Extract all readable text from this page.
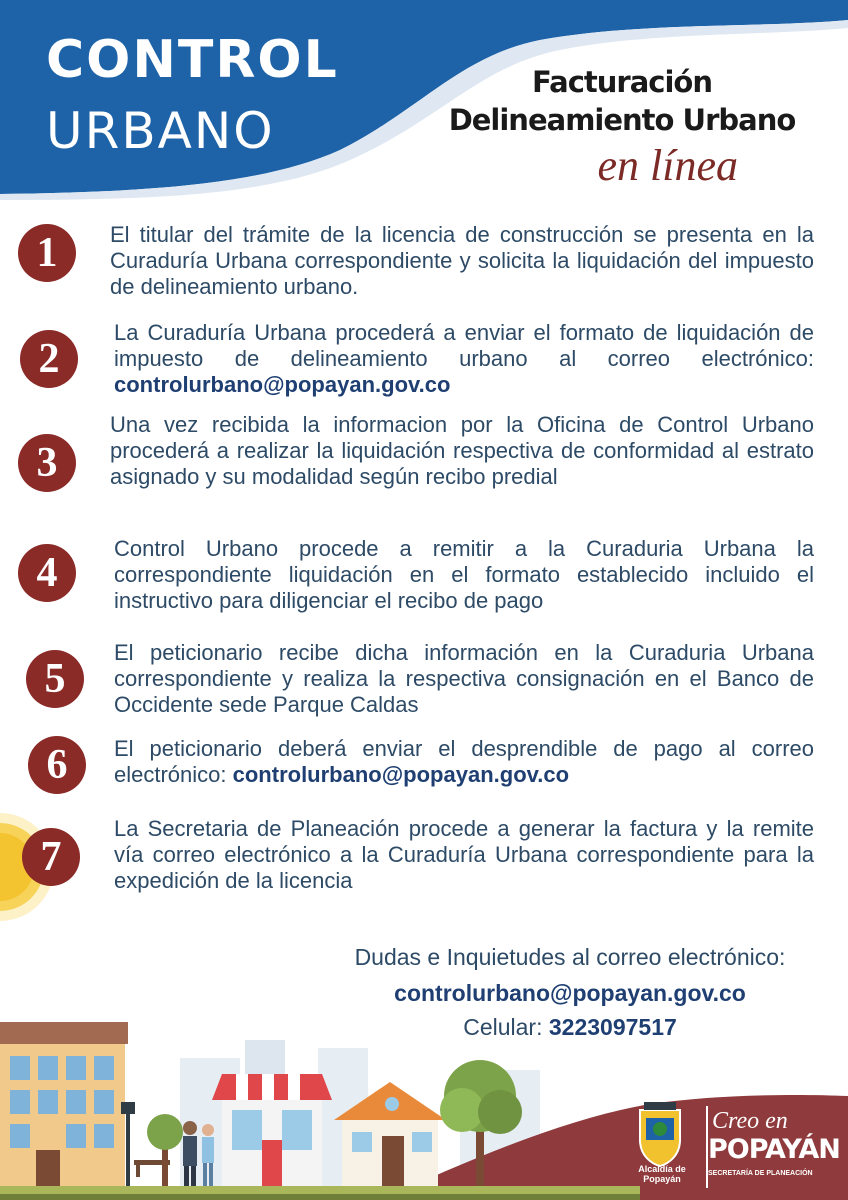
CONTROL
URBANO
Facturación
Delineamiento Urbano
en línea
1	El titular del trámite de la licencia de construcción se presenta en la Curaduría Urbana correspondiente y solicita la liquidación del impuesto de delineamiento urbano.
2
La Curaduría Urbana procederá a enviar el formato de liquidación de impuesto de delineamiento urbano al correo electrónico: controlurbano@popayan.gov.co
3
Una vez recibida la informacion por la Oficina de Control Urbano procederá a realizar la liquidación respectiva de conformidad al estrato asignado y su modalidad según recibo predial
4
Control Urbano procede a remitir a la Curaduria Urbana la correspondiente liquidación en el formato establecido incluido el instructivo para diligenciar el recibo de pago
5
El peticionario recibe dicha información en la Curaduria Urbana correspondiente y realiza la respectiva consignación en el Banco de Occidente sede Parque Caldas
6	El peticionario deberá enviar el desprendible de pago al correo electrónico: controlurbano@popayan.gov.co
7
La Secretaria de Planeación procede a generar la factura y la remite vía correo electrónico a la Curaduría Urbana correspondiente para la expedición de la licencia
Dudas e Inquietudes al correo electrónico:
controlurbano@popayan.gov.co
Celular: 3223097517
Alcaldía de Popayán
Creo en
POPAYÁN
SECRETARÍA DE PLANEACIÓN
